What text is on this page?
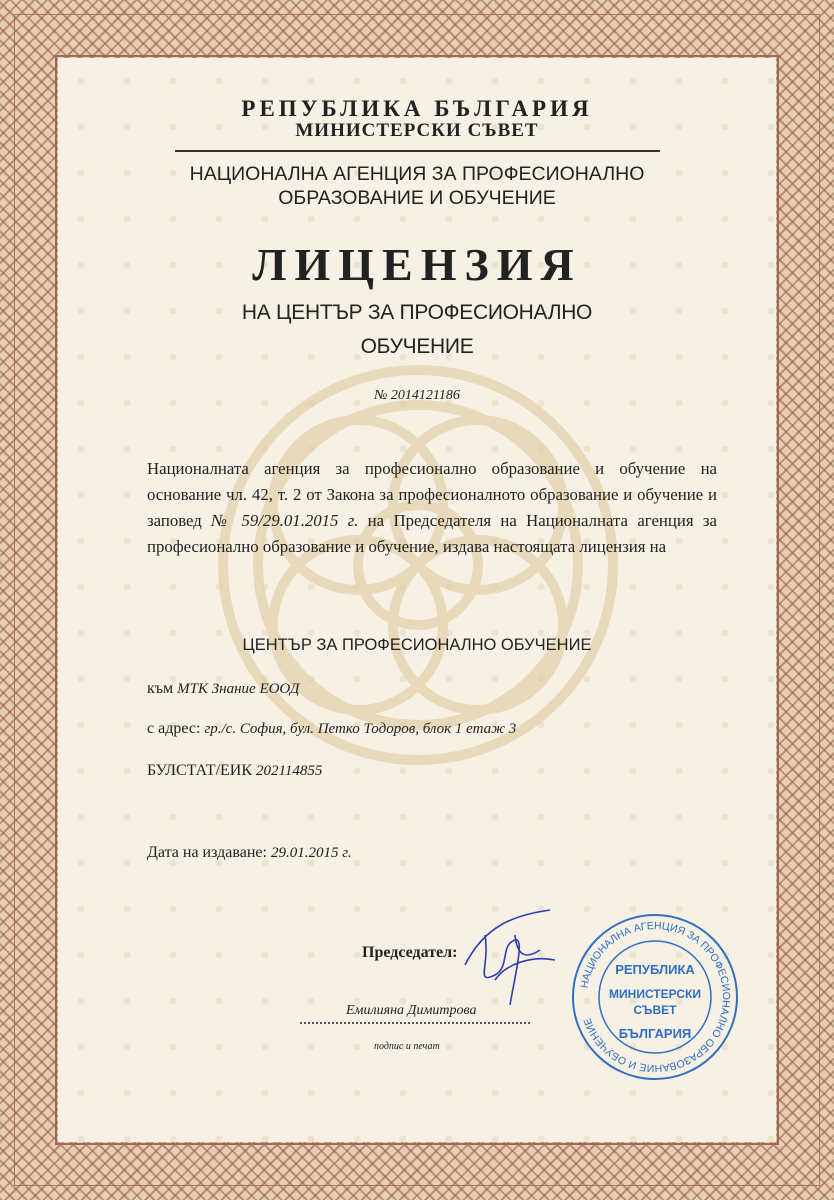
РЕПУБЛИКА БЪЛГАРИЯ
МИНИСТЕРСКИ СЪВЕТ
НАЦИОНАЛНА АГЕНЦИЯ ЗА ПРОФЕСИОНАЛНО
ОБРАЗОВАНИЕ И ОБУЧЕНИЕ
ЛИЦЕНЗИЯ
НА ЦЕНТЪР ЗА ПРОФЕСИОНАЛНО
ОБУЧЕНИЕ
№ 2014121186
Националната агенция за професионално образование и обучение на основание чл. 42, т. 2 от Закона за професионалното образование и обучение и заповед № 59/29.01.2015 г. на Председателя на Националната агенция за професионално образование и обучение, издава настоящата лицензия на
ЦЕНТЪР ЗА ПРОФЕСИОНАЛНО ОБУЧЕНИЕ
към МТК Знание ЕООД
с адрес: гр./с. София, бул. Петко Тодоров, блок 1 етаж 3
БУЛСТАТ/ЕИК 202114855
Дата на издаване: 29.01.2015 г.
Председател:
Емилияна Димитрова
подпис и печат
НАЦИОНАЛНА АГЕНЦИЯ ЗА ПРОФЕСИОНАЛНО ОБРАЗОВАНИЕ И ОБУЧЕНИЕ
РЕПУБЛИКА
МИНИСТЕРСКИ
СЪВЕТ
БЪЛГАРИЯ
